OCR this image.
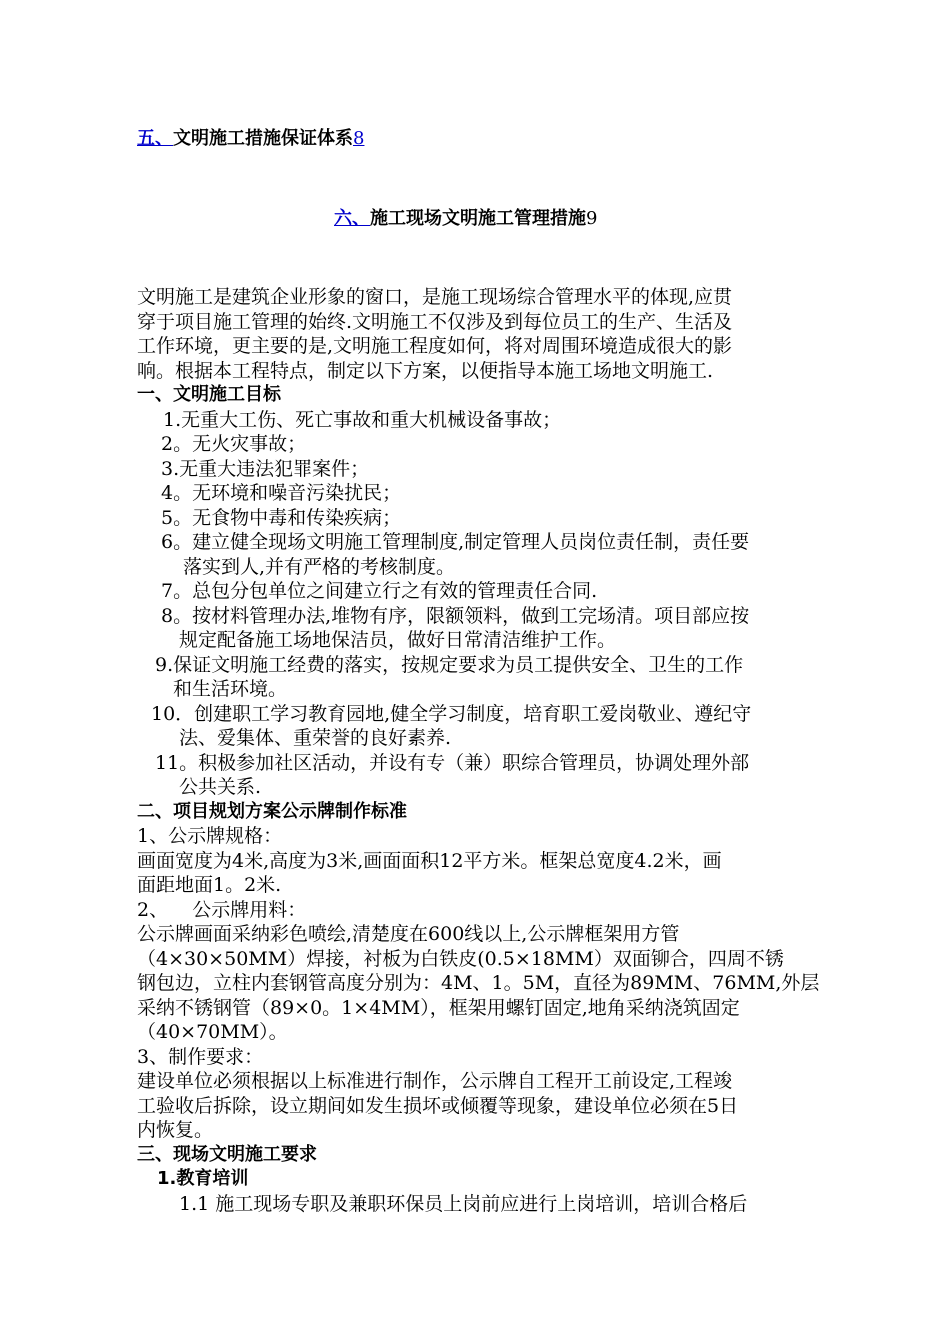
五、文明施工措施保证体系8
六、施工现场文明施工管理措施9
文明施工是建筑企业形象的窗口，是施工现场综合管理水平的体现,应贯
穿于项目施工管理的始终.文明施工不仅涉及到每位员工的生产、生活及
工作环境，更主要的是,文明施工程度如何，将对周围环境造成很大的影
响。根据本工程特点，制定以下方案，以便指导本施工场地文明施工.
一、文明施工目标
1.无重大工伤、死亡事故和重大机械设备事故；
2。无火灾事故；
3.无重大违法犯罪案件；
4。无环境和噪音污染扰民；
5。无食物中毒和传染疾病；
6。建立健全现场文明施工管理制度,制定管理人员岗位责任制，责任要
落实到人,并有严格的考核制度。
7。总包分包单位之间建立行之有效的管理责任合同.
8。按材料管理办法,堆物有序，限额领料，做到工完场清。项目部应按
规定配备施工场地保洁员，做好日常清洁维护工作。
9.保证文明施工经费的落实，按规定要求为员工提供安全、卫生的工作
和生活环境。
10．创建职工学习教育园地,健全学习制度，培育职工爱岗敬业、遵纪守
法、爱集体、重荣誉的良好素养.
11。积极参加社区活动，并设有专（兼）职综合管理员，协调处理外部
公共关系.
二、项目规划方案公示牌制作标准
1、公示牌规格：
画面宽度为4米,高度为3米,画面面积12平方米。框架总宽度4.2米，画
面距地面1。2米.
2、    公示牌用料：
公示牌画面采纳彩色喷绘,清楚度在600线以上,公示牌框架用方管
（4×30×50MM）焊接，衬板为白铁皮(0.5×18MM）双面铆合，四周不锈
钢包边，立柱内套钢管高度分别为：4M、1。5M，直径为89MM、76MM,外层
采纳不锈钢管（89×0。1×4MM），框架用螺钉固定,地角采纳浇筑固定
（40×70MM）。
3、制作要求：
建设单位必须根据以上标准进行制作，公示牌自工程开工前设定,工程竣
工验收后拆除，设立期间如发生损坏或倾覆等现象，建设单位必须在5日
内恢复。
三、现场文明施工要求
1.教育培训
1.1 施工现场专职及兼职环保员上岗前应进行上岗培训，培训合格后
